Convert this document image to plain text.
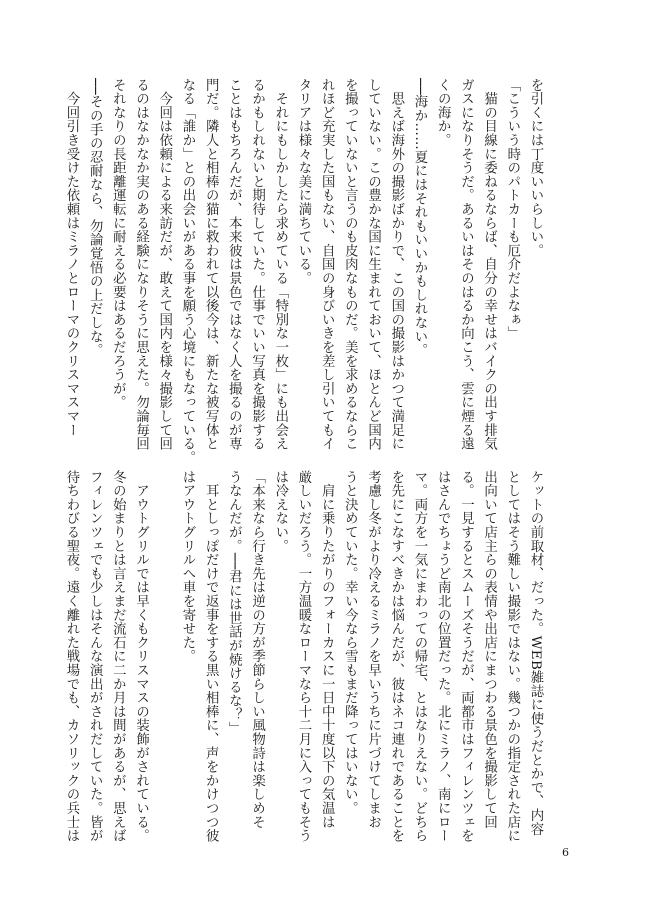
を引くには丁度いいらしい。
「こういう時のパトカーも厄介だよなぁ」
　猫の目線に委ねるならば、自分の幸せはバイクの出す排気
ガスになりそうだ。あるいはそのはるか向こう、雲に煙る遠
くの海か。
──海か……夏にはそれもいいかもしれない。
　思えば海外の撮影ばかりで、この国の撮影はかつて満足に
していない。この豊かな国に生まれておいて、ほとんど国内
を撮っていないと言うのも皮肉なものだ。美を求めるならこ
れほど充実した国もない、自国の身びいきを差し引いてもイ
タリアは様々な美に満ちている。
　それにもしかしたら求めている「特別な一枚」にも出会え
るかもしれないと期待していた。仕事でいい写真を撮影する
ことはもちろんだが、本来彼は景色ではなく人を撮るのが専
門だ。隣人と相棒の猫に救われて以後今は、新たな被写体と
なる「誰か」との出会いがある事を願う心境にもなっている。
　今回は依頼による来訪だが、敢えて国内を様々撮影して回
るのはなかなか実のある経験になりそうに思えた。勿論毎回
それなりの長距離運転に耐える必要はあるだろうが。
──その手の忍耐なら、勿論覚悟の上だしな。
　今回引き受けた依頼はミラノとローマのクリスマスマー
ケットの前取材、だった。WEB雑誌に使うだとかで、内容
としてはそう難しい撮影ではない。幾つかの指定された店に
出向いて店主らの表情や出店にまつわる景色を撮影して回
る。一見するとスムーズそうだが、両都市はフィレンツェを
はさんでちょうど南北の位置だった。北にミラノ、南にロー
マ。両方を一気にまわっての帰宅、とはなりえない。どちら
を先にこなすべきかは悩んだが、彼はネコ連れであることを
考慮し冬がより冷えるミラノを早いうちに片づけてしまお
うと決めていた。幸い今なら雪もまだ降ってはいない。
　肩に乗りたがりのフォーカスに一日中十度以下の気温は
厳しいだろう。一方温暖なローマなら十二月に入ってもそう
は冷えない。
「本来なら行き先は逆の方が季節らしい風物詩は楽しめそ
うなんだが。──君には世話が焼けるな？」
　耳としっぽだけで返事をする黒い相棒に、声をかけつつ彼
はアウトグリルへ車を寄せた。

　アウトグリルでは早くもクリスマスの装飾がされている。
冬の始まりとは言えまだ流石に二か月は間があるが、思えば
フィレンツェでも少しはそんな演出がされだしていた。皆が
待ちわびる聖夜。遠く離れた戦場でも、カソリックの兵士は
6
